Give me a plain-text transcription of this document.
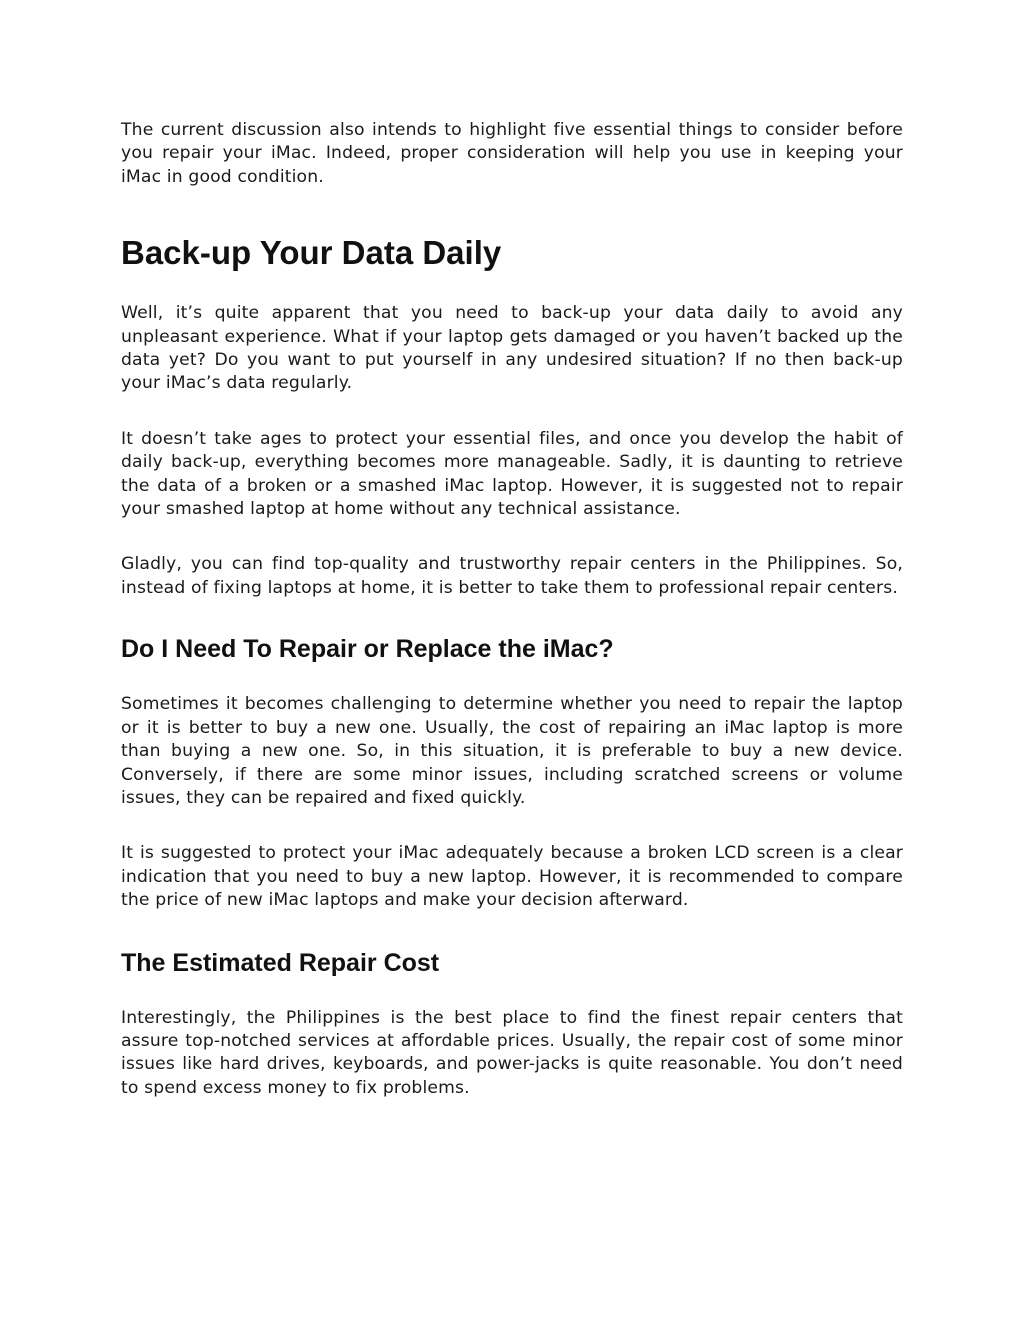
The current discussion also intends to highlight five essential things to consider before you repair your iMac. Indeed, proper consideration will help you use in keeping your iMac in good condition.

Back-up Your Data Daily

Well, it’s quite apparent that you need to back-up your data daily to avoid any unpleasant experience. What if your laptop gets damaged or you haven’t backed up the data yet? Do you want to put yourself in any undesired situation? If no then back-up your iMac’s data regularly.

It doesn’t take ages to protect your essential files, and once you develop the habit of daily back-up, everything becomes more manageable. Sadly, it is daunting to retrieve the data of a broken or a smashed iMac laptop. However, it is suggested not to repair your smashed laptop at home without any technical assistance.

Gladly, you can find top-quality and trustworthy repair centers in the Philippines. So, instead of fixing laptops at home, it is better to take them to professional repair centers.

Do I Need To Repair or Replace the iMac?

Sometimes it becomes challenging to determine whether you need to repair the laptop or it is better to buy a new one. Usually, the cost of repairing an iMac laptop is more than buying a new one. So, in this situation, it is preferable to buy a new device. Conversely, if there are some minor issues, including scratched screens or volume issues, they can be repaired and fixed quickly.

It is suggested to protect your iMac adequately because a broken LCD screen is a clear indication that you need to buy a new laptop. However, it is recommended to compare the price of new iMac laptops and make your decision afterward.

The Estimated Repair Cost

Interestingly, the Philippines is the best place to find the finest repair centers that assure top-notched services at affordable prices. Usually, the repair cost of some minor issues like hard drives, keyboards, and power-jacks is quite reasonable. You don’t need to spend excess money to fix problems.
